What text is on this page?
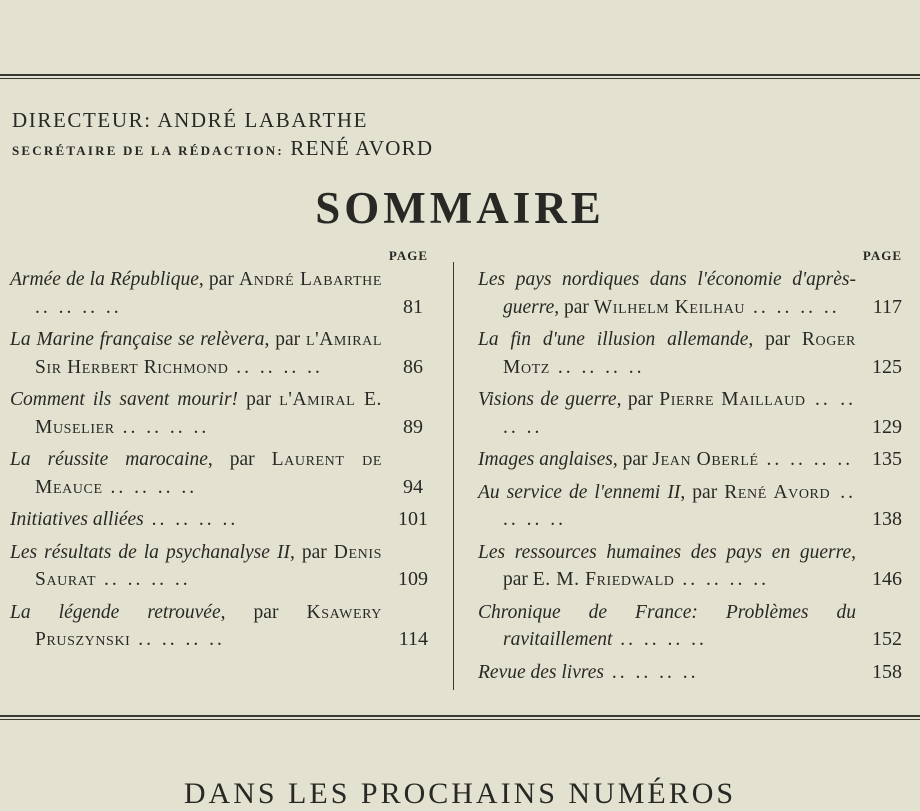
DIRECTEUR: ANDRÉ LABARTHE
SECRÉTAIRE DE LA RÉDACTION: RENÉ AVORD
SOMMAIRE
PAGE
Armée de la République, par André Labarthe .. .. .. ..	81
La Marine française se relèvera, par l'Amiral Sir Herbert Richmond .. .. .. ..	86
Comment ils savent mourir! par l'Amiral E. Muselier .. .. .. ..	89
La réussite marocaine, par Laurent de Meauce .. .. .. ..	94
Initiatives alliées .. .. .. ..	101
Les résultats de la psychanalyse II, par Denis Saurat .. .. .. ..	109
La légende retrouvée, par Ksawery Pruszynski .. .. .. ..	114
PAGE
Les pays nordiques dans l'économie d'après-guerre, par Wilhelm Keilhau .. .. .. .. 117
La fin d'une illusion allemande, par Roger Motz .. .. .. ..	125
Visions de guerre, par Pierre Maillaud .. .. .. ..	129
Images anglaises, par Jean Oberlé .. .. .. .. 135
Au service de l'ennemi II, par René Avord .. .. .. ..	138
Les ressources humaines des pays en guerre, par E. M. Friedwald .. .. .. ..	146
Chronique de France: Problèmes du ravitaillement .. .. .. ..	152
Revue des livres .. .. .. ..	158
DANS LES PROCHAINS NUMÉROS
